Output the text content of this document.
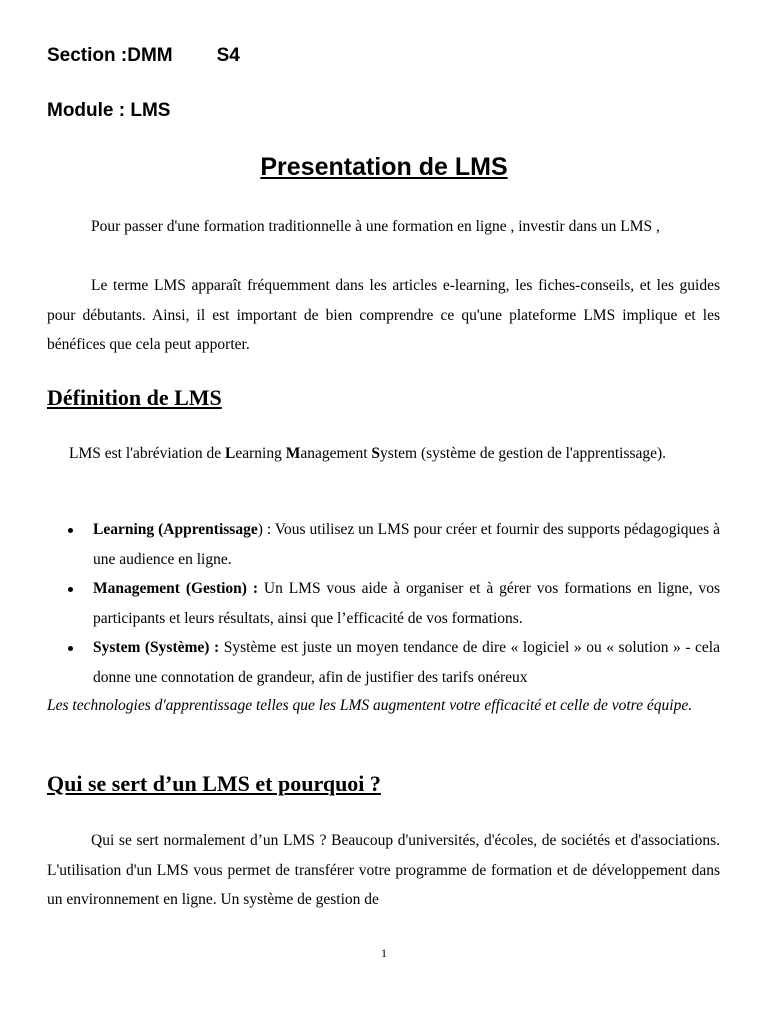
Section :DMM S4
Module : LMS
Presentation de LMS
Pour passer d'une formation traditionnelle à une formation en ligne , investir dans un LMS ,
Le terme LMS apparaît fréquemment dans les articles e-learning, les fiches-conseils, et les guides pour débutants. Ainsi, il est important de bien comprendre ce qu'une plateforme LMS implique et les bénéfices que cela peut apporter.
Définition de LMS
LMS est l'abréviation de Learning Management System (système de gestion de l'apprentissage).
Learning (Apprentissage) : Vous utilisez un LMS pour créer et fournir des supports pédagogiques à une audience en ligne.
Management (Gestion) : Un LMS vous aide à organiser et à gérer vos formations en ligne, vos participants et leurs résultats, ainsi que l’efficacité de vos formations.
System (Système) : Système est juste un moyen tendance de dire « logiciel » ou « solution » - cela donne une connotation de grandeur, afin de justifier des tarifs onéreux
Les technologies d'apprentissage telles que les LMS augmentent votre efficacité et celle de votre équipe.
Qui se sert d’un LMS et pourquoi ?
Qui se sert normalement d’un LMS ? Beaucoup d'universités, d'écoles, de sociétés et d'associations. L'utilisation d'un LMS vous permet de transférer votre programme de formation et de développement dans un environnement en ligne. Un système de gestion de
1
